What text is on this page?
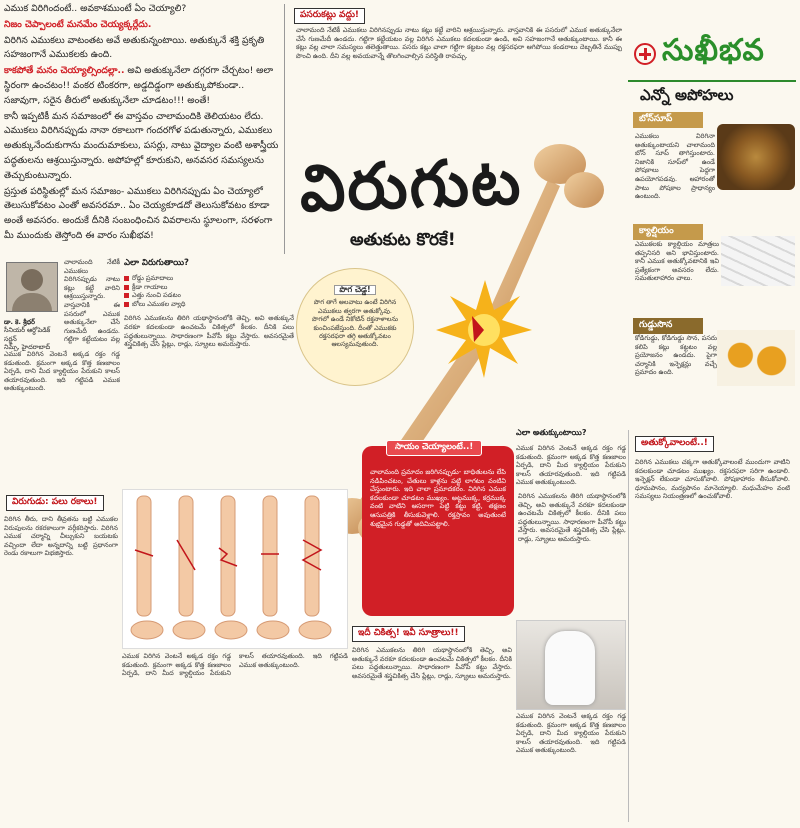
ఎముక విరిగిందంటే.. అవకాశముంటే ఏం చెయ్యాలి?

నిజం చెప్పాలంటే మనమేం చెయ్యక్కర్లేదు.

విరిగిన ఎముకలు వాటంతట అవే అతుకున్నంటాయి. అతుక్కునే శక్తి ప్రకృతి సహజంగానే ఎముకలకు ఉంది.

కాకపోతే మనం చెయ్యాల్సిందల్లా.. అవి అతుక్కునేలా దగ్గరగా చేర్చటం! అలా స్థిరంగా ఉంచటం!! వంకర టింకరగా, అడ్డదిడ్డంగా అతుక్కుపోకుండా.. సజావుగా, సరైన తీరులో అతుక్కునేలా చూడటం!!! అంతే!

కానీ ఇప్పటికీ మన సమాజంలో ఈ వాస్తవం చాలామందికి తెలియటం లేదు. ఎముకలు విరిగినప్పుడు నానా రకాలుగా గందరగోళ పడుతున్నారు, ఎముకలు అతుక్కునేందుకుగాను మందుమాకులు, పసర్లు, నాటు వైద్యాల వంటి అశాస్త్రీయ పద్ధతులను ఆశ్రయిస్తున్నారు. అపోహల్లో కూరుకుని, అనవసర సమస్యలను తెచ్చుకుంటున్నారు.

ప్రస్తుత పరిస్థితుల్లో మన సమాజం- ఎముకలు విరిగినప్పుడు ఏం చెయ్యాలో తెలుసుకోవటం ఎంతో అవసరమా.. ఏం చెయ్యకూడదో తెలుసుకోవటం కూడా అంతే అవసరం. అందుకే దీనికి సంబంధించిన వివరాలను స్థూలంగా, సరళంగా మీ ముందుకు తెస్తోంది ఈ వారం సుఖీభవ!

పసరుకట్లు వద్దు!
చాలామంది నేటికీ ఎముకలు విరిగినప్పుడు నాటు కట్లు కట్టే వారిని ఆశ్రయిస్తున్నారు. వాస్తవానికి ఈ పసరులో ఎముక అతుక్కునేలా చేసే గుణమేదీ ఉండదు. గట్టిగా కట్టేయటం వల్ల విరిగిన ఎముకలు కదలకుండా ఉండి, అవి సహజంగానే అతుక్కుంటాయి. కానీ ఈ కట్లు వల్ల చాలా సమస్యలు తలెత్తుతాయి. పసరు కట్లు చాలా గట్టిగా కట్టటం వల్ల రక్తసరఫరా ఆగిపోయి కండరాలు దెబ్బతినే ముప్పు పొంచి ఉంది. దీని వల్ల అవయవాన్నే తొలగించాల్సిన పరిస్థితి రావచ్చు.	సుఖీభవ
ఎన్నో అపోహలు
బోన్‌సూప్
ఎముకలు విరిగినా అతుక్కుంటాయని చాలామంది బోన్ సూప్ తాగిస్తుంటారు. నిజానికి సూప్‌లో ఉండే పోషకాలు పెద్దగా ఉపయోగపడవు. ఆహారంతో పాటు పోషకాల ప్రాధాన్యం ఉంటుంది.
క్యాల్షియం
ఎముకలకు క్యాల్షియం మాత్రలు తప్పనిసరి అని భావిస్తుంటారు. కానీ ఎముక అతుక్కోవటానికి ఇవి ప్రత్యేకంగా అవసరం లేదు. సమతులాహారం చాలు.
గుడ్డుసొన
కోడిగుడ్డు, కోడిగుడ్డు సొన, పసరు కలిపి కట్లు కట్టటం వల్ల ప్రయోజనం ఉండదు. పైగా చర్మానికి ఇన్ఫెక్షన్లు వచ్చే ప్రమాదం ఉంది.
అతుక్కోవాలంటే..!
విరిగిన ఎముకలు చక్కగా అతుక్కోవాలంటే ముందుగా వాటిని కదలకుండా చూడటం ముఖ్యం. రక్తసరఫరా సరిగా ఉండాలి. ఇన్ఫెక్షన్ లేకుండా చూసుకోవాలి. పోషకాహారం తీసుకోవాలి. ధూమపానం, మద్యపానం మానెయ్యాలి. మధుమేహం వంటి సమస్యలు నియంత్రణలో ఉంచుకోవాలి.
విరుగుట
అతుకుట కొరకే!
పొగ చెడ్డ!
పొగ తాగే అలవాటు ఉంటే విరిగిన ఎముకలు త్వరగా అతుక్కోవు. పొగలో ఉండే నికోటిన్ రక్తనాళాలను కుంచింపజేస్తుంది. దీంతో ఎముకకు రక్తసరఫరా తగ్గి అతుక్కోవటం ఆలస్యమవుతుంది.
డా. కె. శ్రీధర్
సీనియర్ ఆర్థోపెడిక్ సర్జన్
నిమ్స్, హైదరాబాద్
చాలామంది నేటికీ ఎముకలు విరిగినప్పుడు నాటు కట్లు కట్టే వారిని ఆశ్రయిస్తున్నారు. వాస్తవానికి ఈ పసరులో ఎముక అతుక్కునేలా చేసే గుణమేదీ ఉండదు. గట్టిగా కట్టేయటం వల్ల
ఎముక విరిగిన వెంటనే అక్కడ రక్తం గడ్డ కడుతుంది. క్రమంగా అక్కడ కొత్త కణజాలం ఏర్పడి, దాని మీద క్యాల్షియం పేరుకుని కాలస్ తయారవుతుంది. ఇది గట్టిపడి ఎముక అతుక్కుంటుంది.
ఎలా విరుగుతాయి?
రోడ్డు ప్రమాదాలు
క్రీడా గాయాలు
ఎత్తు నుంచి పడటం
బోలు ఎముకల వ్యాధి
విరిగిన ఎముకలను తిరిగి యథాస్థానంలోకి తెచ్చి, అవి అతుక్కునే వరకూ కదలకుండా ఉంచటమే చికిత్సలో కీలకం. దీనికి పలు పద్ధతులున్నాయి. సాధారణంగా పీవోపీ కట్టు వేస్తారు. అవసరమైతే శస్త్రచికిత్స చేసి ప్లేట్లు, రాడ్లు, స్క్రూలు అమరుస్తారు.
విరుగుడు: పలు రకాలు!
విరిగిన తీరు, దాని తీవ్రతను బట్టి ఎముకల విరుపులను రకరకాలుగా వర్గీకరిస్తారు. విరిగిన ఎముక చర్మాన్ని చీల్చుకుని బయటకు వచ్చిందా లేదా అన్నదాన్ని బట్టి ప్రధానంగా రెండు రకాలుగా విభజిస్తారు.
ఎముక విరిగిన వెంటనే అక్కడ రక్తం గడ్డ కడుతుంది. క్రమంగా అక్కడ కొత్త కణజాలం ఏర్పడి, దాని మీద క్యాల్షియం పేరుకుని కాలస్ తయారవుతుంది. ఇది గట్టిపడి ఎముక అతుక్కుంటుంది.
చాలామంది ప్రమాదం జరిగినప్పుడు- బాధితులను లేపి నడిపించటం, చేతులు కాళ్లను పట్టి లాగటం వంటివి చేస్తుంటారు. ఇది చాలా ప్రమాదకరం. విరిగిన ఎముక కదలకుండా చూడటం ముఖ్యం. అట్టముక్క, కర్రముక్క వంటి వాటిని ఆసరాగా పెట్టి కట్టు కట్టి, తక్షణం ఆసుపత్రికి తీసుకువెళ్లాలి. రక్తస్రావం అవుతుంటే శుభ్రమైన గుడ్డతో అదిమిపట్టాలి.
సాయం చెయ్యాలంటే..!
ఎలా అతుక్కుంటాయి?
ఎముక విరిగిన వెంటనే అక్కడ రక్తం గడ్డ కడుతుంది. క్రమంగా అక్కడ కొత్త కణజాలం ఏర్పడి, దాని మీద క్యాల్షియం పేరుకుని కాలస్ తయారవుతుంది. ఇది గట్టిపడి ఎముక అతుక్కుంటుంది.
విరిగిన ఎముకలను తిరిగి యథాస్థానంలోకి తెచ్చి, అవి అతుక్కునే వరకూ కదలకుండా ఉంచటమే చికిత్సలో కీలకం. దీనికి పలు పద్ధతులున్నాయి. సాధారణంగా పీవోపీ కట్టు వేస్తారు. అవసరమైతే శస్త్రచికిత్స చేసి ప్లేట్లు, రాడ్లు, స్క్రూలు అమరుస్తారు.
ఇదీ చికిత్స! ఇవీ సూత్రాలు!!
విరిగిన ఎముకలను తిరిగి యథాస్థానంలోకి తెచ్చి, అవి అతుక్కునే వరకూ కదలకుండా ఉంచటమే చికిత్సలో కీలకం. దీనికి పలు పద్ధతులున్నాయి. సాధారణంగా పీవోపీ కట్టు వేస్తారు. అవసరమైతే శస్త్రచికిత్స చేసి ప్లేట్లు, రాడ్లు, స్క్రూలు అమరుస్తారు.
ఎముక విరిగిన వెంటనే అక్కడ రక్తం గడ్డ కడుతుంది. క్రమంగా అక్కడ కొత్త కణజాలం ఏర్పడి, దాని మీద క్యాల్షియం పేరుకుని కాలస్ తయారవుతుంది. ఇది గట్టిపడి ఎముక అతుక్కుంటుంది.
